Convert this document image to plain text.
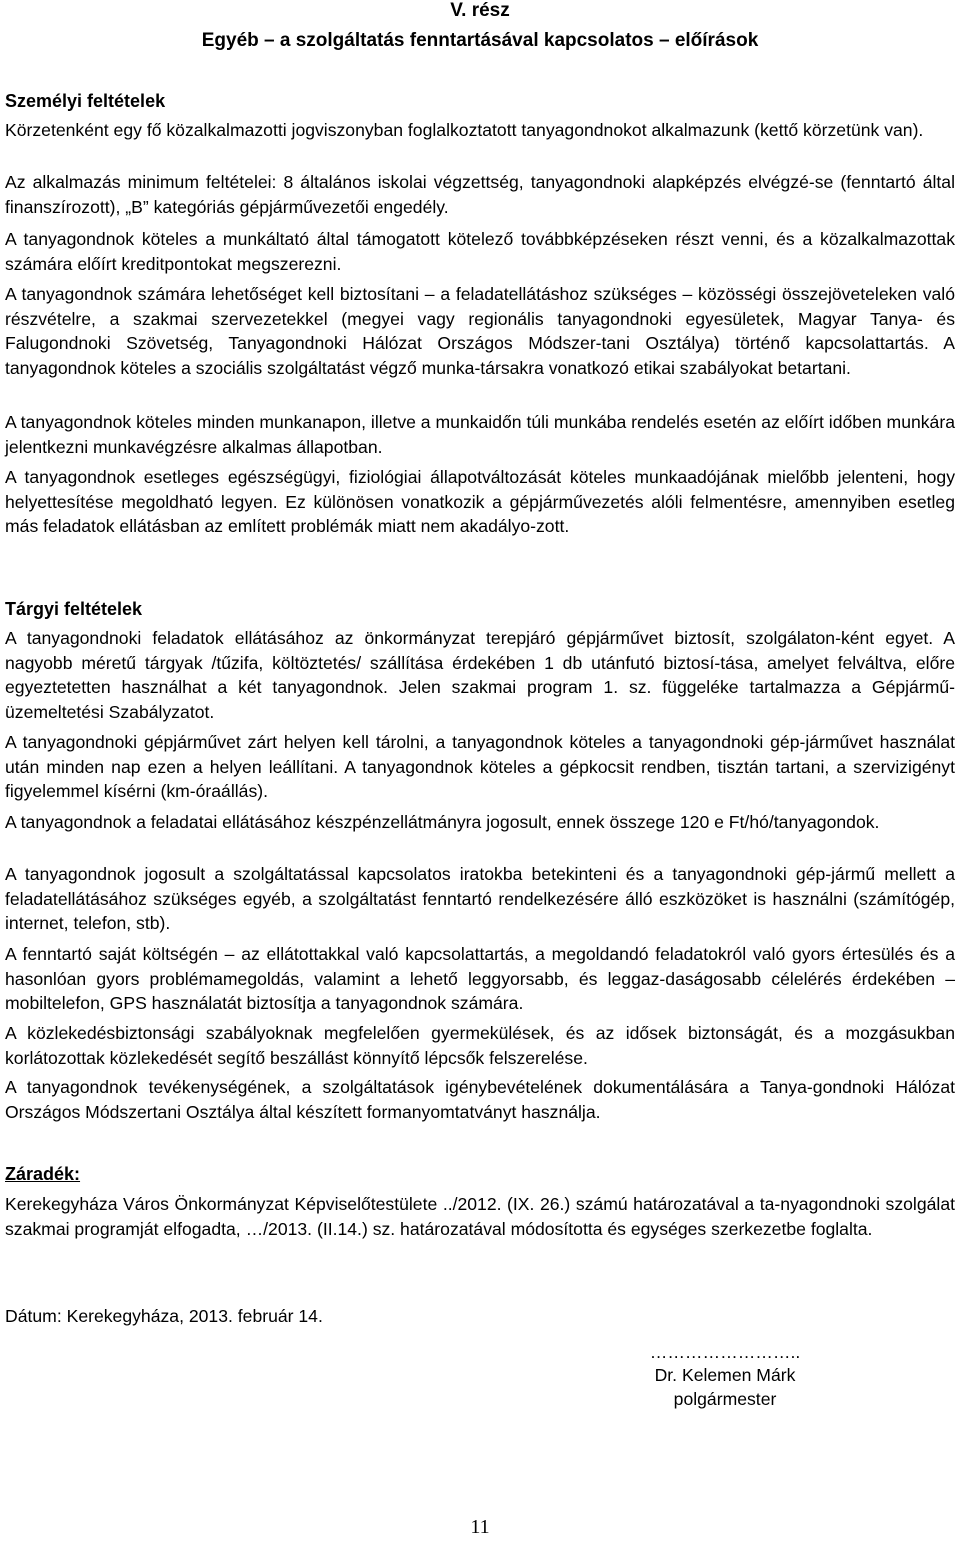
V. rész
Egyéb – a szolgáltatás fenntartásával kapcsolatos – előírások
Személyi feltételek

Körzetenként egy fő közalkalmazotti jogviszonyban foglalkoztatott tanyagondnokot alkalmazunk (kettő körzetünk van).

Az alkalmazás minimum feltételei: 8 általános iskolai végzettség, tanyagondnoki alapképzés elvégzé-se (fenntartó által finanszírozott), „B” kategóriás gépjárművezetői engedély.

A tanyagondnok köteles a munkáltató által támogatott kötelező továbbképzéseken részt venni, és a közalkalmazottak számára előírt kreditpontokat megszerezni.

A tanyagondnok számára lehetőséget kell biztosítani – a feladatellátáshoz szükséges – közösségi összejöveteleken való részvételre, a szakmai szervezetekkel (megyei vagy regionális tanyagondnoki egyesületek, Magyar Tanya- és Falugondnoki Szövetség, Tanyagondnoki Hálózat Országos Módszer-tani Osztálya) történő kapcsolattartás. A tanyagondnok köteles a szociális szolgáltatást végző munka-társakra vonatkozó etikai szabályokat betartani.

A tanyagondnok köteles minden munkanapon, illetve a munkaidőn túli munkába rendelés esetén az előírt időben munkára jelentkezni munkavégzésre alkalmas állapotban.

A tanyagondnok esetleges egészségügyi, fiziológiai állapotváltozását köteles munkaadójának mielőbb jelenteni, hogy helyettesítése megoldható legyen. Ez különösen vonatkozik a gépjárművezetés alóli felmentésre, amennyiben esetleg más feladatok ellátásban az említett problémák miatt nem akadályo-zott.

Tárgyi feltételek

A tanyagondnoki feladatok ellátásához az önkormányzat terepjáró gépjárművet biztosít, szolgálaton-ként egyet. A nagyobb méretű tárgyak /tűzifa, költöztetés/ szállítása érdekében 1 db utánfutó biztosí-tása, amelyet felváltva, előre egyeztetetten használhat a két tanyagondnok. Jelen szakmai program 1. sz. függeléke tartalmazza a Gépjármű-üzemeltetési Szabályzatot.

A tanyagondnoki gépjárművet zárt helyen kell tárolni, a tanyagondnok köteles a tanyagondnoki gép-járművet használat után minden nap ezen a helyen leállítani. A tanyagondnok köteles a gépkocsit rendben, tisztán tartani, a szervizigényt figyelemmel kísérni (km-óraállás).

A tanyagondnok a feladatai ellátásához készpénzellátmányra jogosult, ennek összege 120 e Ft/hó/tanyagondok.

A tanyagondnok jogosult a szolgáltatással kapcsolatos iratokba betekinteni és a tanyagondnoki gép-jármű mellett a feladatellátásához szükséges egyéb, a szolgáltatást fenntartó rendelkezésére álló eszközöket is használni (számítógép, internet, telefon, stb).

A fenntartó saját költségén – az ellátottakkal való kapcsolattartás, a megoldandó feladatokról való gyors értesülés és a hasonlóan gyors problémamegoldás, valamint a lehető leggyorsabb, és leggaz-daságosabb célelérés érdekében – mobiltelefon, GPS használatát biztosítja a tanyagondnok számára.

A közlekedésbiztonsági szabályoknak megfelelően gyermekülések, és az idősek biztonságát, és a mozgásukban korlátozottak közlekedését segítő beszállást könnyítő lépcsők felszerelése.

A tanyagondnok tevékenységének, a szolgáltatások igénybevételének dokumentálására a Tanya-gondnoki Hálózat Országos Módszertani Osztálya által készített formanyomtatványt használja.

Záradék:

Kerekegyháza Város Önkormányzat Képviselőtestülete ../2012. (IX. 26.) számú határozatával a ta-nyagondnoki szolgálat szakmai programját elfogadta, …/2013. (II.14.) sz. határozatával módosította és egységes szerkezetbe foglalta.

Dátum: Kerekegyháza, 2013. február 14.

……………………..
Dr. Kelemen Márk
polgármester
11
